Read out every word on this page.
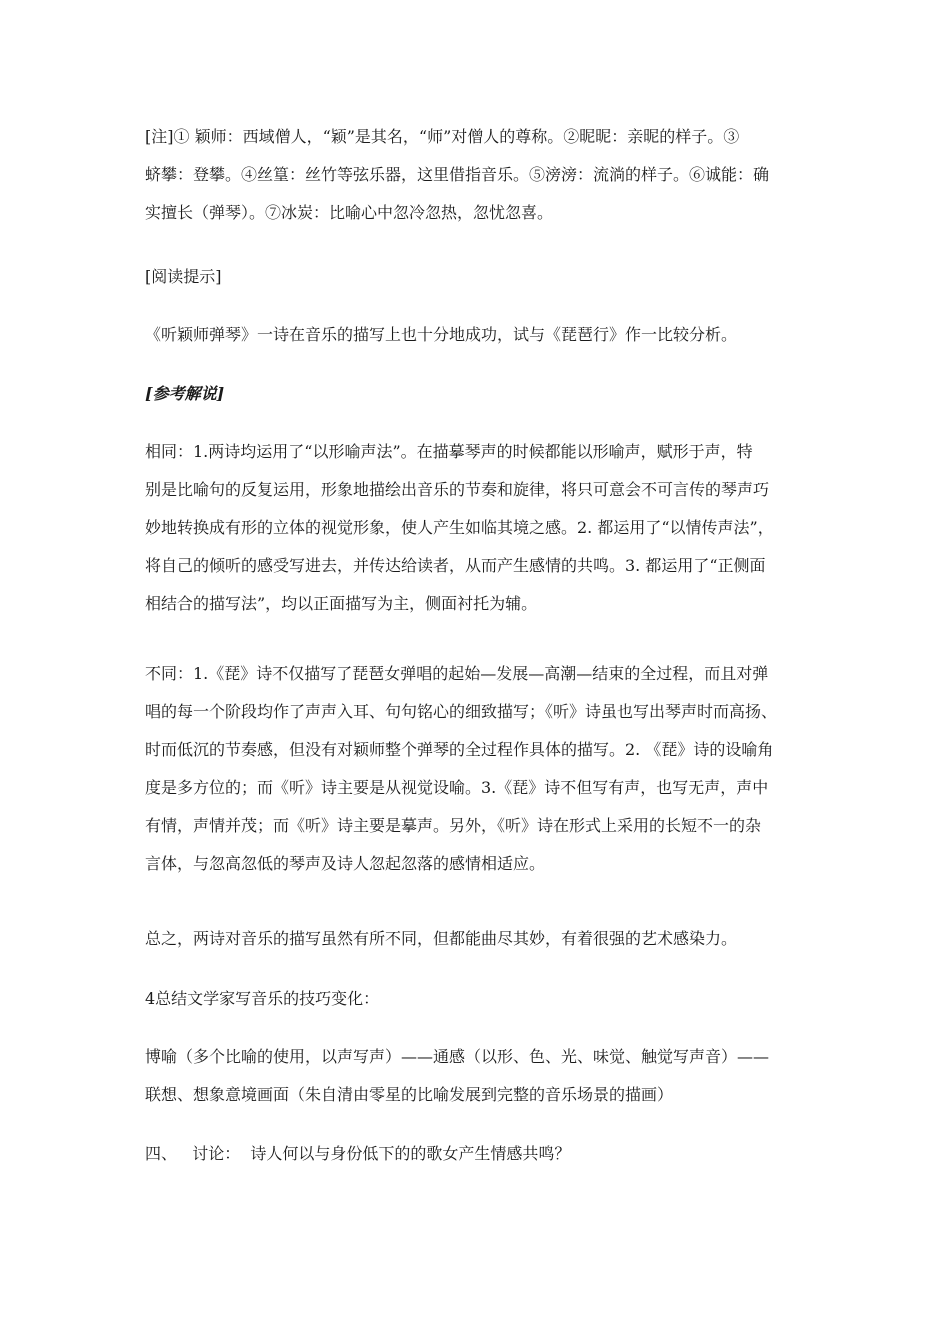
[注]① 颖师：西域僧人，“颖”是其名，“师”对僧人的尊称。②昵昵：亲昵的样子。③
蛴攀：登攀。④丝篁：丝竹等弦乐器，这里借指音乐。⑤滂滂：流淌的样子。⑥诚能：确
实擅长（弹琴）。⑦冰炭：比喻心中忽冷忽热，忽忧忽喜。
[阅读提示]
《听颖师弹琴》一诗在音乐的描写上也十分地成功，试与《琵琶行》作一比较分析。
[参考解说]
相同：1.两诗均运用了“以形喻声法”。在描摹琴声的时候都能以形喻声，赋形于声，特
别是比喻句的反复运用，形象地描绘出音乐的节奏和旋律，将只可意会不可言传的琴声巧
妙地转换成有形的立体的视觉形象，使人产生如临其境之感。2. 都运用了“以情传声法”，
将自己的倾听的感受写进去，并传达给读者，从而产生感情的共鸣。3. 都运用了“正侧面
相结合的描写法”，均以正面描写为主，侧面衬托为辅。
不同：1.《琵》诗不仅描写了琵琶女弹唱的起始—发展—高潮—结束的全过程，而且对弹
唱的每一个阶段均作了声声入耳、句句铭心的细致描写；《听》诗虽也写出琴声时而高扬、
时而低沉的节奏感，但没有对颖师整个弹琴的全过程作具体的描写。2. 《琵》诗的设喻角
度是多方位的；而《听》诗主要是从视觉设喻。3.《琵》诗不但写有声，也写无声，声中
有情，声情并茂；而《听》诗主要是摹声。另外，《听》诗在形式上采用的长短不一的杂
言体，与忽高忽低的琴声及诗人忽起忽落的感情相适应。
总之，两诗对音乐的描写虽然有所不同，但都能曲尽其妙，有着很强的艺术感染力。
4总结文学家写音乐的技巧变化：
博喻（多个比喻的使用，以声写声）——通感（以形、色、光、味觉、触觉写声音）——
联想、想象意境画面（朱自清由零星的比喻发展到完整的音乐场景的描画）
四、   讨论：  诗人何以与身份低下的的歌女产生情感共鸣？
